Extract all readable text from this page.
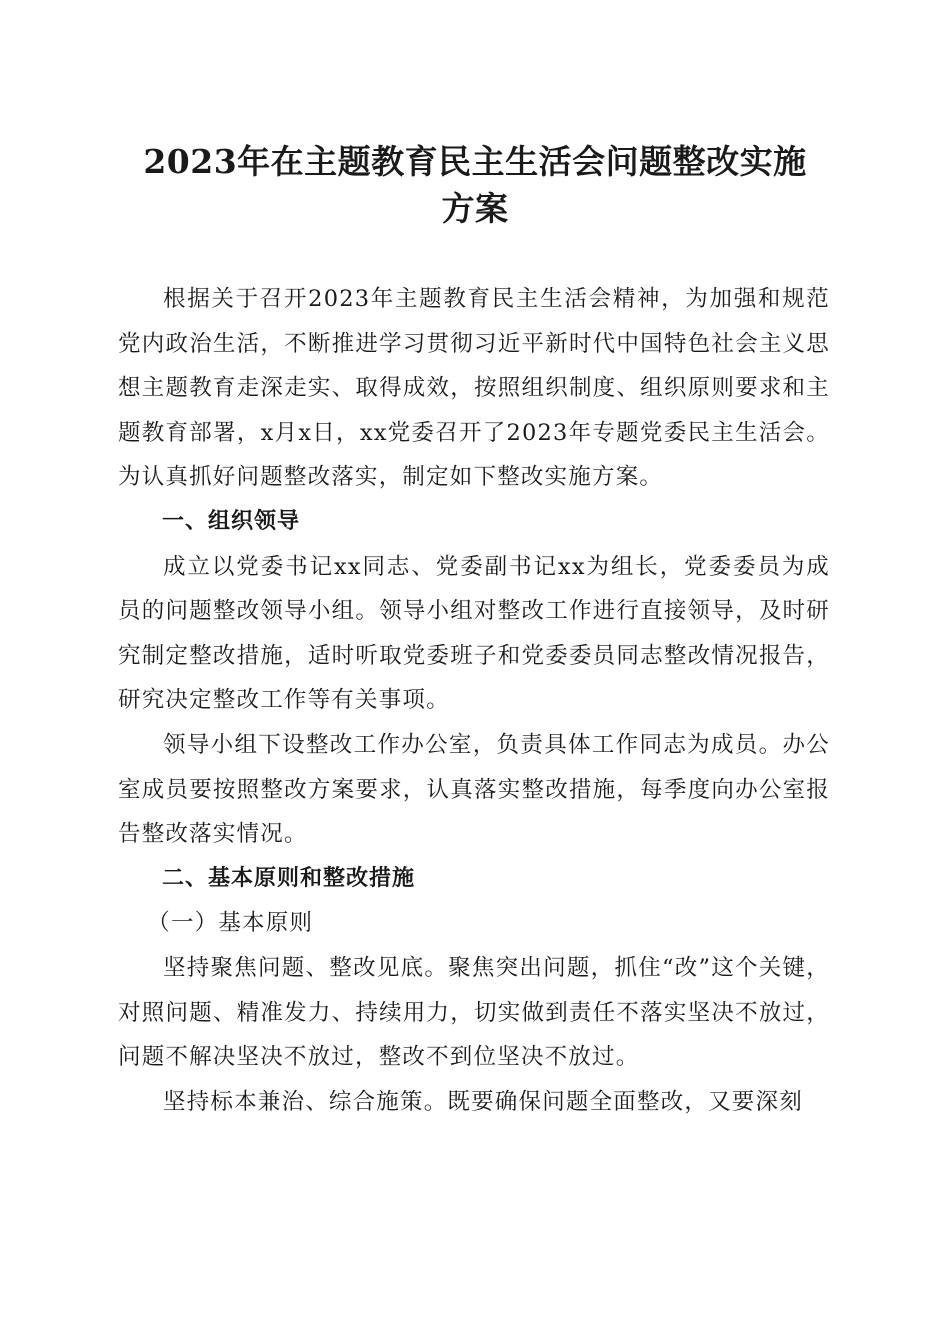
2023年在主题教育民主生活会问题整改实施
方案

根据关于召开2023年主题教育民主生活会精神，为加强和规范党内政治生活，不断推进学习贯彻习近平新时代中国特色社会主义思想主题教育走深走实、取得成效，按照组织制度、组织原则要求和主题教育部署，x月x日，xx党委召开了2023年专题党委民主生活会。为认真抓好问题整改落实，制定如下整改实施方案。

一、组织领导

成立以党委书记xx同志、党委副书记xx为组长，党委委员为成员的问题整改领导小组。领导小组对整改工作进行直接领导，及时研究制定整改措施，适时听取党委班子和党委委员同志整改情况报告，研究决定整改工作等有关事项。

领导小组下设整改工作办公室，负责具体工作同志为成员。办公室成员要按照整改方案要求，认真落实整改措施，每季度向办公室报告整改落实情况。

二、基本原则和整改措施

（一）基本原则

坚持聚焦问题、整改见底。聚焦突出问题，抓住“改”这个关键，对照问题、精准发力、持续用力，切实做到责任不落实坚决不放过，问题不解决坚决不放过，整改不到位坚决不放过。

坚持标本兼治、综合施策。既要确保问题全面整改，又要深刻
